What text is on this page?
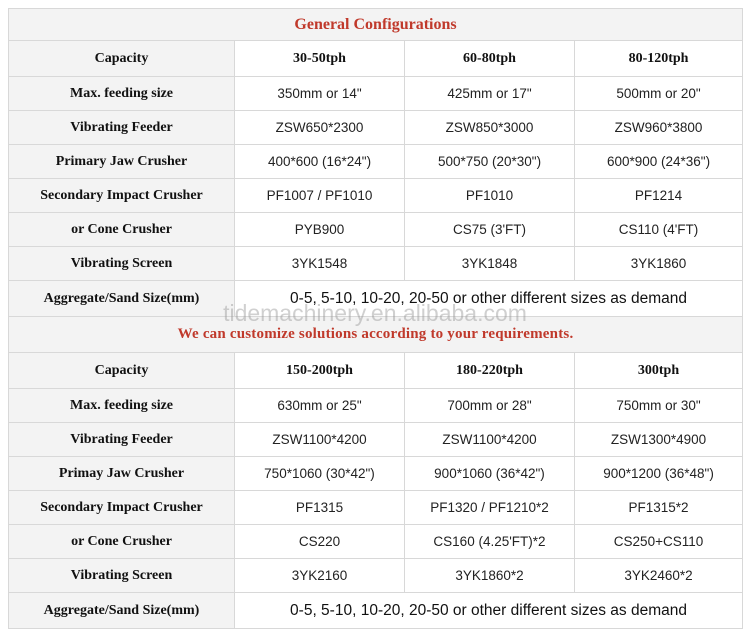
General Configurations			
Capacity	30-50tph	60-80tph	80-120tph
Max. feeding size	350mm or 14"	425mm or 17"	500mm or 20"
Vibrating Feeder	ZSW650*2300	ZSW850*3000	ZSW960*3800
Primary Jaw Crusher	400*600 (16*24")	500*750 (20*30")	600*900 (24*36")
Secondary Impact Crusher	PF1007 / PF1010	PF1010	PF1214
or Cone Crusher	PYB900	CS75 (3'FT)	CS110 (4'FT)
Vibrating Screen	3YK1548	3YK1848	3YK1860
Aggregate/Sand Size(mm)	0-5, 5-10, 10-20, 20-50 or other different sizes as demand		
We can customize solutions according to your requirements.			
Capacity	150-200tph	180-220tph	300tph
Max. feeding size	630mm or 25"	700mm or 28"	750mm or 30"
Vibrating Feeder	ZSW1100*4200	ZSW1100*4200	ZSW1300*4900
Primay Jaw Crusher	750*1060 (30*42")	900*1060 (36*42")	900*1200 (36*48")
Secondary Impact Crusher	PF1315	PF1320 / PF1210*2	PF1315*2
or Cone Crusher	CS220	CS160 (4.25'FT)*2	CS250+CS110
Vibrating Screen	3YK2160	3YK1860*2	3YK2460*2
Aggregate/Sand Size(mm)	0-5, 5-10, 10-20, 20-50 or other different sizes as demand		
tidemachinery.en.alibaba.com
